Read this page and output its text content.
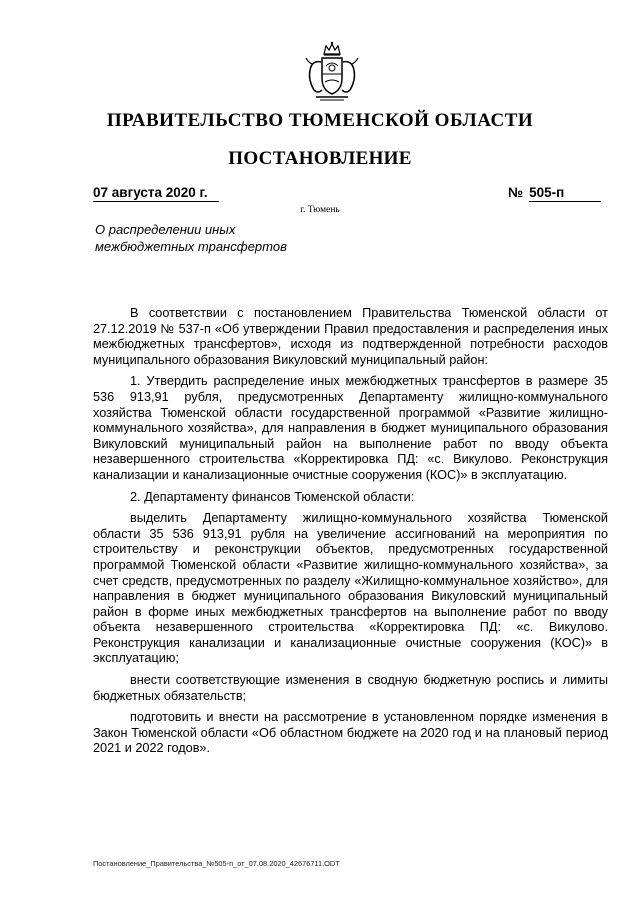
ПРАВИТЕЛЬСТВО ТЮМЕНСКОЙ ОБЛАСТИ
ПОСТАНОВЛЕНИЕ
07 августа 2020 г.	№ 505-п
г. Тюмень
О распределении иных
межбюджетных трансфертов

В соответствии с постановлением Правительства Тюменской области от 27.12.2019 № 537-п «Об утверждении Правил предоставления и распределения иных межбюджетных трансфертов», исходя из подтвержденной потребности расходов муниципального образования Викуловский муниципальный район:

1. Утвердить распределение иных межбюджетных трансфертов в размере 35 536 913,91 рубля, предусмотренных Департаменту жилищно-коммунального хозяйства Тюменской области государственной программой «Развитие жилищно-коммунального хозяйства», для направления в бюджет муниципального образования Викуловский муниципальный район на выполнение работ по вводу объекта незавершенного строительства «Корректировка ПД: «с. Викулово. Реконструкция канализации и канализационные очистные сооружения (КОС)» в эксплуатацию.

2. Департаменту финансов Тюменской области:

выделить Департаменту жилищно-коммунального хозяйства Тюменской области 35 536 913,91 рубля на увеличение ассигнований на мероприятия по строительству и реконструкции объектов, предусмотренных государственной программой Тюменской области «Развитие жилищно-коммунального хозяйства», за счет средств, предусмотренных по разделу «Жилищно-коммунальное хозяйство», для направления в бюджет муниципального образования Викуловский муниципальный район в форме иных межбюджетных трансфертов на выполнение работ по вводу объекта незавершенного строительства «Корректировка ПД: «с. Викулово. Реконструкция канализации и канализационные очистные сооружения (КОС)» в эксплуатацию;

внести соответствующие изменения в сводную бюджетную роспись и лимиты бюджетных обязательств;

подготовить и внести на рассмотрение в установленном порядке изменения в Закон Тюменской области «Об областном бюджете на 2020 год и на плановый период 2021 и 2022 годов».

Постановление_Правительства_№505-п_от_07.08.2020_42676711.ODT
